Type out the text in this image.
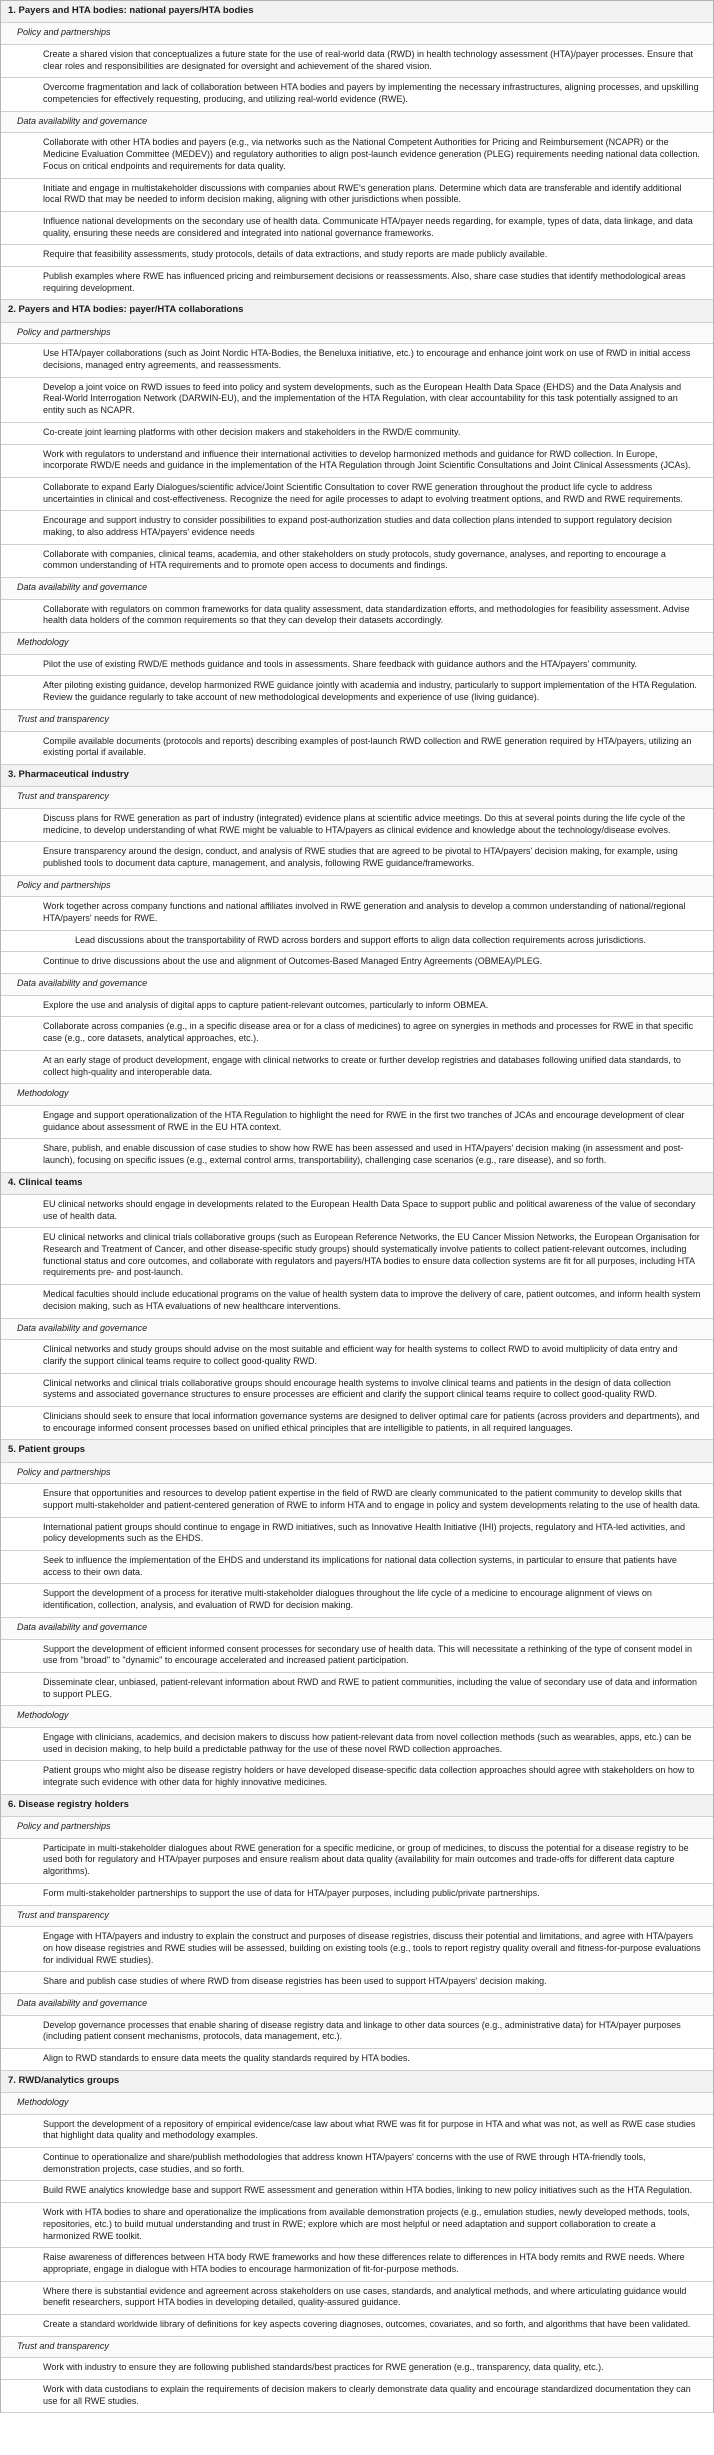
1. Payers and HTA bodies: national payers/HTA bodies
Policy and partnerships
Create a shared vision that conceptualizes a future state for the use of real-world data (RWD) in health technology assessment (HTA)/payer processes. Ensure that clear roles and responsibilities are designated for oversight and achievement of the shared vision.
Overcome fragmentation and lack of collaboration between HTA bodies and payers by implementing the necessary infrastructures, aligning processes, and upskilling competencies for effectively requesting, producing, and utilizing real-world evidence (RWE).
Data availability and governance
Collaborate with other HTA bodies and payers (e.g., via networks such as the National Competent Authorities for Pricing and Reimbursement (NCAPR) or the Medicine Evaluation Committee (MEDEV)) and regulatory authorities to align post-launch evidence generation (PLEG) requirements needing national data collection. Focus on critical endpoints and requirements for data quality.
Initiate and engage in multistakeholder discussions with companies about RWE's generation plans. Determine which data are transferable and identify additional local RWD that may be needed to inform decision making, aligning with other jurisdictions when possible.
Influence national developments on the secondary use of health data. Communicate HTA/payer needs regarding, for example, types of data, data linkage, and data quality, ensuring these needs are considered and integrated into national governance frameworks.
Require that feasibility assessments, study protocols, details of data extractions, and study reports are made publicly available.
Publish examples where RWE has influenced pricing and reimbursement decisions or reassessments. Also, share case studies that identify methodological areas requiring development.
2. Payers and HTA bodies: payer/HTA collaborations
Policy and partnerships
Use HTA/payer collaborations (such as Joint Nordic HTA-Bodies, the Beneluxa initiative, etc.) to encourage and enhance joint work on use of RWD in initial access decisions, managed entry agreements, and reassessments.
Develop a joint voice on RWD issues to feed into policy and system developments, such as the European Health Data Space (EHDS) and the Data Analysis and Real-World Interrogation Network (DARWIN-EU), and the implementation of the HTA Regulation, with clear accountability for this task potentially assigned to an entity such as NCAPR.
Co-create joint learning platforms with other decision makers and stakeholders in the RWD/E community.
Work with regulators to understand and influence their international activities to develop harmonized methods and guidance for RWD collection. In Europe, incorporate RWD/E needs and guidance in the implementation of the HTA Regulation through Joint Scientific Consultations and Joint Clinical Assessments (JCAs).
Collaborate to expand Early Dialogues/scientific advice/Joint Scientific Consultation to cover RWE generation throughout the product life cycle to address uncertainties in clinical and cost-effectiveness. Recognize the need for agile processes to adapt to evolving treatment options, and RWD and RWE requirements.
Encourage and support industry to consider possibilities to expand post-authorization studies and data collection plans intended to support regulatory decision making, to also address HTA/payers' evidence needs
Collaborate with companies, clinical teams, academia, and other stakeholders on study protocols, study governance, analyses, and reporting to encourage a common understanding of HTA requirements and to promote open access to documents and findings.
Data availability and governance
Collaborate with regulators on common frameworks for data quality assessment, data standardization efforts, and methodologies for feasibility assessment. Advise health data holders of the common requirements so that they can develop their datasets accordingly.
Methodology
Pilot the use of existing RWD/E methods guidance and tools in assessments. Share feedback with guidance authors and the HTA/payers' community.
After piloting existing guidance, develop harmonized RWE guidance jointly with academia and industry, particularly to support implementation of the HTA Regulation. Review the guidance regularly to take account of new methodological developments and experience of use (living guidance).
Trust and transparency
Compile available documents (protocols and reports) describing examples of post-launch RWD collection and RWE generation required by HTA/payers, utilizing an existing portal if available.
3. Pharmaceutical industry
Trust and transparency
Discuss plans for RWE generation as part of industry (integrated) evidence plans at scientific advice meetings. Do this at several points during the life cycle of the medicine, to develop understanding of what RWE might be valuable to HTA/payers as clinical evidence and knowledge about the technology/disease evolves.
Ensure transparency around the design, conduct, and analysis of RWE studies that are agreed to be pivotal to HTA/payers' decision making, for example, using published tools to document data capture, management, and analysis, following RWE guidance/frameworks.
Policy and partnerships
Work together across company functions and national affiliates involved in RWE generation and analysis to develop a common understanding of national/regional HTA/payers' needs for RWE.
Lead discussions about the transportability of RWD across borders and support efforts to align data collection requirements across jurisdictions.
Continue to drive discussions about the use and alignment of Outcomes-Based Managed Entry Agreements (OBMEA)/PLEG.
Data availability and governance
Explore the use and analysis of digital apps to capture patient-relevant outcomes, particularly to inform OBMEA.
Collaborate across companies (e.g., in a specific disease area or for a class of medicines) to agree on synergies in methods and processes for RWE in that specific case (e.g., core datasets, analytical approaches, etc.).
At an early stage of product development, engage with clinical networks to create or further develop registries and databases following unified data standards, to collect high-quality and interoperable data.
Methodology
Engage and support operationalization of the HTA Regulation to highlight the need for RWE in the first two tranches of JCAs and encourage development of clear guidance about assessment of RWE in the EU HTA context.
Share, publish, and enable discussion of case studies to show how RWE has been assessed and used in HTA/payers' decision making (in assessment and post-launch), focusing on specific issues (e.g., external control arms, transportability), challenging case scenarios (e.g., rare disease), and so forth.
4. Clinical teams
EU clinical networks should engage in developments related to the European Health Data Space to support public and political awareness of the value of secondary use of health data.
EU clinical networks and clinical trials collaborative groups (such as European Reference Networks, the EU Cancer Mission Networks, the European Organisation for Research and Treatment of Cancer, and other disease-specific study groups) should systematically involve patients to collect patient-relevant outcomes, including functional status and core outcomes, and collaborate with regulators and payers/HTA bodies to ensure data collection systems are fit for all purposes, including HTA requirements pre- and post-launch.
Medical faculties should include educational programs on the value of health system data to improve the delivery of care, patient outcomes, and inform health system decision making, such as HTA evaluations of new healthcare interventions.
Data availability and governance
Clinical networks and study groups should advise on the most suitable and efficient way for health systems to collect RWD to avoid multiplicity of data entry and clarify the support clinical teams require to collect good-quality RWD.
Clinical networks and clinical trials collaborative groups should encourage health systems to involve clinical teams and patients in the design of data collection systems and associated governance structures to ensure processes are efficient and clarify the support clinical teams require to collect good-quality RWD.
Clinicians should seek to ensure that local information governance systems are designed to deliver optimal care for patients (across providers and departments), and to encourage informed consent processes based on unified ethical principles that are intelligible to patients, in all required languages.
5. Patient groups
Policy and partnerships
Ensure that opportunities and resources to develop patient expertise in the field of RWD are clearly communicated to the patient community to develop skills that support multi-stakeholder and patient-centered generation of RWE to inform HTA and to engage in policy and system developments relating to the use of health data.
International patient groups should continue to engage in RWD initiatives, such as Innovative Health Initiative (IHI) projects, regulatory and HTA-led activities, and policy developments such as the EHDS.
Seek to influence the implementation of the EHDS and understand its implications for national data collection systems, in particular to ensure that patients have access to their own data.
Support the development of a process for iterative multi-stakeholder dialogues throughout the life cycle of a medicine to encourage alignment of views on identification, collection, analysis, and evaluation of RWD for decision making.
Data availability and governance
Support the development of efficient informed consent processes for secondary use of health data. This will necessitate a rethinking of the type of consent model in use from "broad" to "dynamic" to encourage accelerated and increased patient participation.
Disseminate clear, unbiased, patient-relevant information about RWD and RWE to patient communities, including the value of secondary use of data and information to support PLEG.
Methodology
Engage with clinicians, academics, and decision makers to discuss how patient-relevant data from novel collection methods (such as wearables, apps, etc.) can be used in decision making, to help build a predictable pathway for the use of these novel RWD collection approaches.
Patient groups who might also be disease registry holders or have developed disease-specific data collection approaches should agree with stakeholders on how to integrate such evidence with other data for highly innovative medicines.
6. Disease registry holders
Policy and partnerships
Participate in multi-stakeholder dialogues about RWE generation for a specific medicine, or group of medicines, to discuss the potential for a disease registry to be used both for regulatory and HTA/payer purposes and ensure realism about data quality (availability for main outcomes and trade-offs for different data capture algorithms).
Form multi-stakeholder partnerships to support the use of data for HTA/payer purposes, including public/private partnerships.
Trust and transparency
Engage with HTA/payers and industry to explain the construct and purposes of disease registries, discuss their potential and limitations, and agree with HTA/payers on how disease registries and RWE studies will be assessed, building on existing tools (e.g., tools to report registry quality overall and fitness-for-purpose evaluations for individual RWE studies).
Share and publish case studies of where RWD from disease registries has been used to support HTA/payers' decision making.
Data availability and governance
Develop governance processes that enable sharing of disease registry data and linkage to other data sources (e.g., administrative data) for HTA/payer purposes (including patient consent mechanisms, protocols, data management, etc.).
Align to RWD standards to ensure data meets the quality standards required by HTA bodies.
7. RWD/analytics groups
Methodology
Support the development of a repository of empirical evidence/case law about what RWE was fit for purpose in HTA and what was not, as well as RWE case studies that highlight data quality and methodology examples.
Continue to operationalize and share/publish methodologies that address known HTA/payers' concerns with the use of RWE through HTA-friendly tools, demonstration projects, case studies, and so forth.
Build RWE analytics knowledge base and support RWE assessment and generation within HTA bodies, linking to new policy initiatives such as the HTA Regulation.
Work with HTA bodies to share and operationalize the implications from available demonstration projects (e.g., emulation studies, newly developed methods, tools, repositories, etc.) to build mutual understanding and trust in RWE; explore which are most helpful or need adaptation and support collaboration to create a harmonized RWE toolkit.
Raise awareness of differences between HTA body RWE frameworks and how these differences relate to differences in HTA body remits and RWE needs. Where appropriate, engage in dialogue with HTA bodies to encourage harmonization of fit-for-purpose methods.
Where there is substantial evidence and agreement across stakeholders on use cases, standards, and analytical methods, and where articulating guidance would benefit researchers, support HTA bodies in developing detailed, quality-assured guidance.
Create a standard worldwide library of definitions for key aspects covering diagnoses, outcomes, covariates, and so forth, and algorithms that have been validated.
Trust and transparency
Work with industry to ensure they are following published standards/best practices for RWE generation (e.g., transparency, data quality, etc.).
Work with data custodians to explain the requirements of decision makers to clearly demonstrate data quality and encourage standardized documentation they can use for all RWE studies.
